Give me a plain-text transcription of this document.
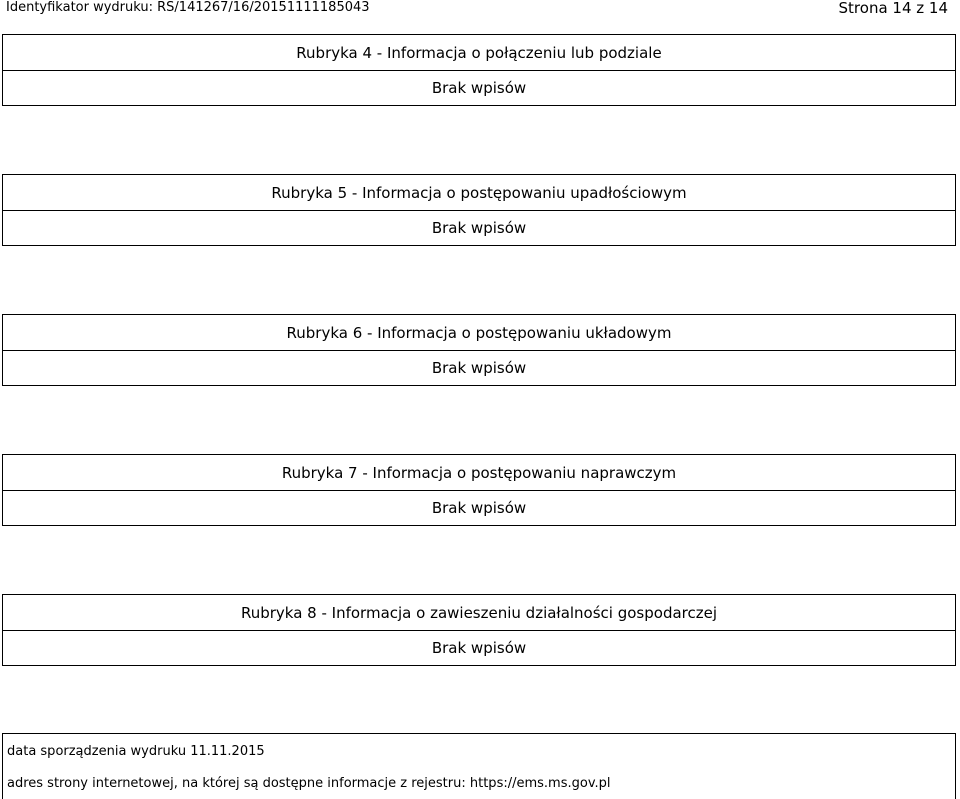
Identyfikator wydruku: RS/141267/16/20151111185043	Strona 14 z 14
Rubryka 4 - Informacja o połączeniu lub podziale
Brak wpisów
Rubryka 5 - Informacja o postępowaniu upadłościowym
Brak wpisów
Rubryka 6 - Informacja o postępowaniu układowym
Brak wpisów
Rubryka 7 - Informacja o postępowaniu naprawczym
Brak wpisów
Rubryka 8 - Informacja o zawieszeniu działalności gospodarczej
Brak wpisów
data sporządzenia wydruku 11.11.2015
adres strony internetowej, na której są dostępne informacje z rejestru: https://ems.ms.gov.pl
